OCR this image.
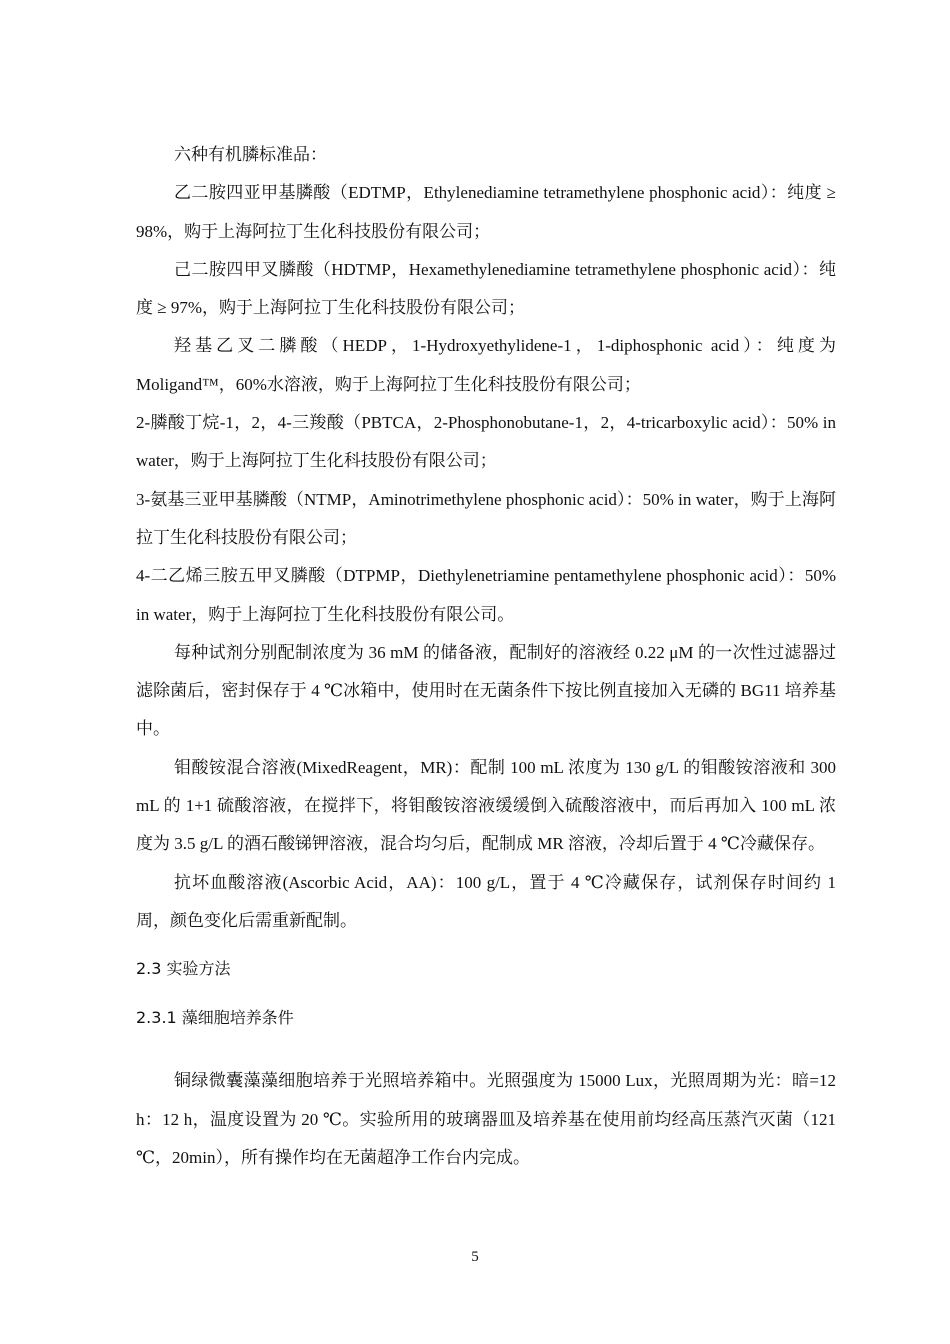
六种有机膦标准品：

乙二胺四亚甲基膦酸（EDTMP，Ethylenediamine tetramethylene phosphonic acid）：纯度 ≥ 98%，购于上海阿拉丁生化科技股份有限公司；

己二胺四甲叉膦酸（HDTMP，Hexamethylenediamine tetramethylene phosphonic acid）：纯度 ≥ 97%，购于上海阿拉丁生化科技股份有限公司；

羟基乙叉二膦酸（HEDP，1-Hydroxyethylidene-1，1-diphosphonic acid）：纯度为Moligand™，60%水溶液，购于上海阿拉丁生化科技股份有限公司；

2-膦酸丁烷-1，2，4-三羧酸（PBTCA，2-Phosphonobutane-1，2，4-tricarboxylic acid）：50% in water，购于上海阿拉丁生化科技股份有限公司；

3-氨基三亚甲基膦酸（NTMP，Aminotrimethylene phosphonic acid）：50% in water，购于上海阿拉丁生化科技股份有限公司；

4-二乙烯三胺五甲叉膦酸（DTPMP，Diethylenetriamine pentamethylene phosphonic acid）：50% in water，购于上海阿拉丁生化科技股份有限公司。

每种试剂分别配制浓度为 36 mM 的储备液，配制好的溶液经 0.22 μM 的一次性过滤器过滤除菌后，密封保存于 4 ℃冰箱中，使用时在无菌条件下按比例直接加入无磷的 BG11 培养基中。

钼酸铵混合溶液(MixedReagent，MR)：配制 100 mL 浓度为 130 g/L 的钼酸铵溶液和 300 mL 的 1+1 硫酸溶液，在搅拌下，将钼酸铵溶液缓缓倒入硫酸溶液中，而后再加入 100 mL 浓度为 3.5 g/L 的酒石酸锑钾溶液，混合均匀后，配制成 MR 溶液，冷却后置于 4 ℃冷藏保存。

抗坏血酸溶液(Ascorbic Acid，AA)：100 g/L，置于 4 ℃冷藏保存，试剂保存时间约 1 周，颜色变化后需重新配制。

2.3 实验方法
2.3.1 藻细胞培养条件

铜绿微囊藻藻细胞培养于光照培养箱中。光照强度为 15000 Lux，光照周期为光：暗=12 h：12 h，温度设置为 20 ℃。实验所用的玻璃器皿及培养基在使用前均经高压蒸汽灭菌（121 ℃，20min），所有操作均在无菌超净工作台内完成。

5
